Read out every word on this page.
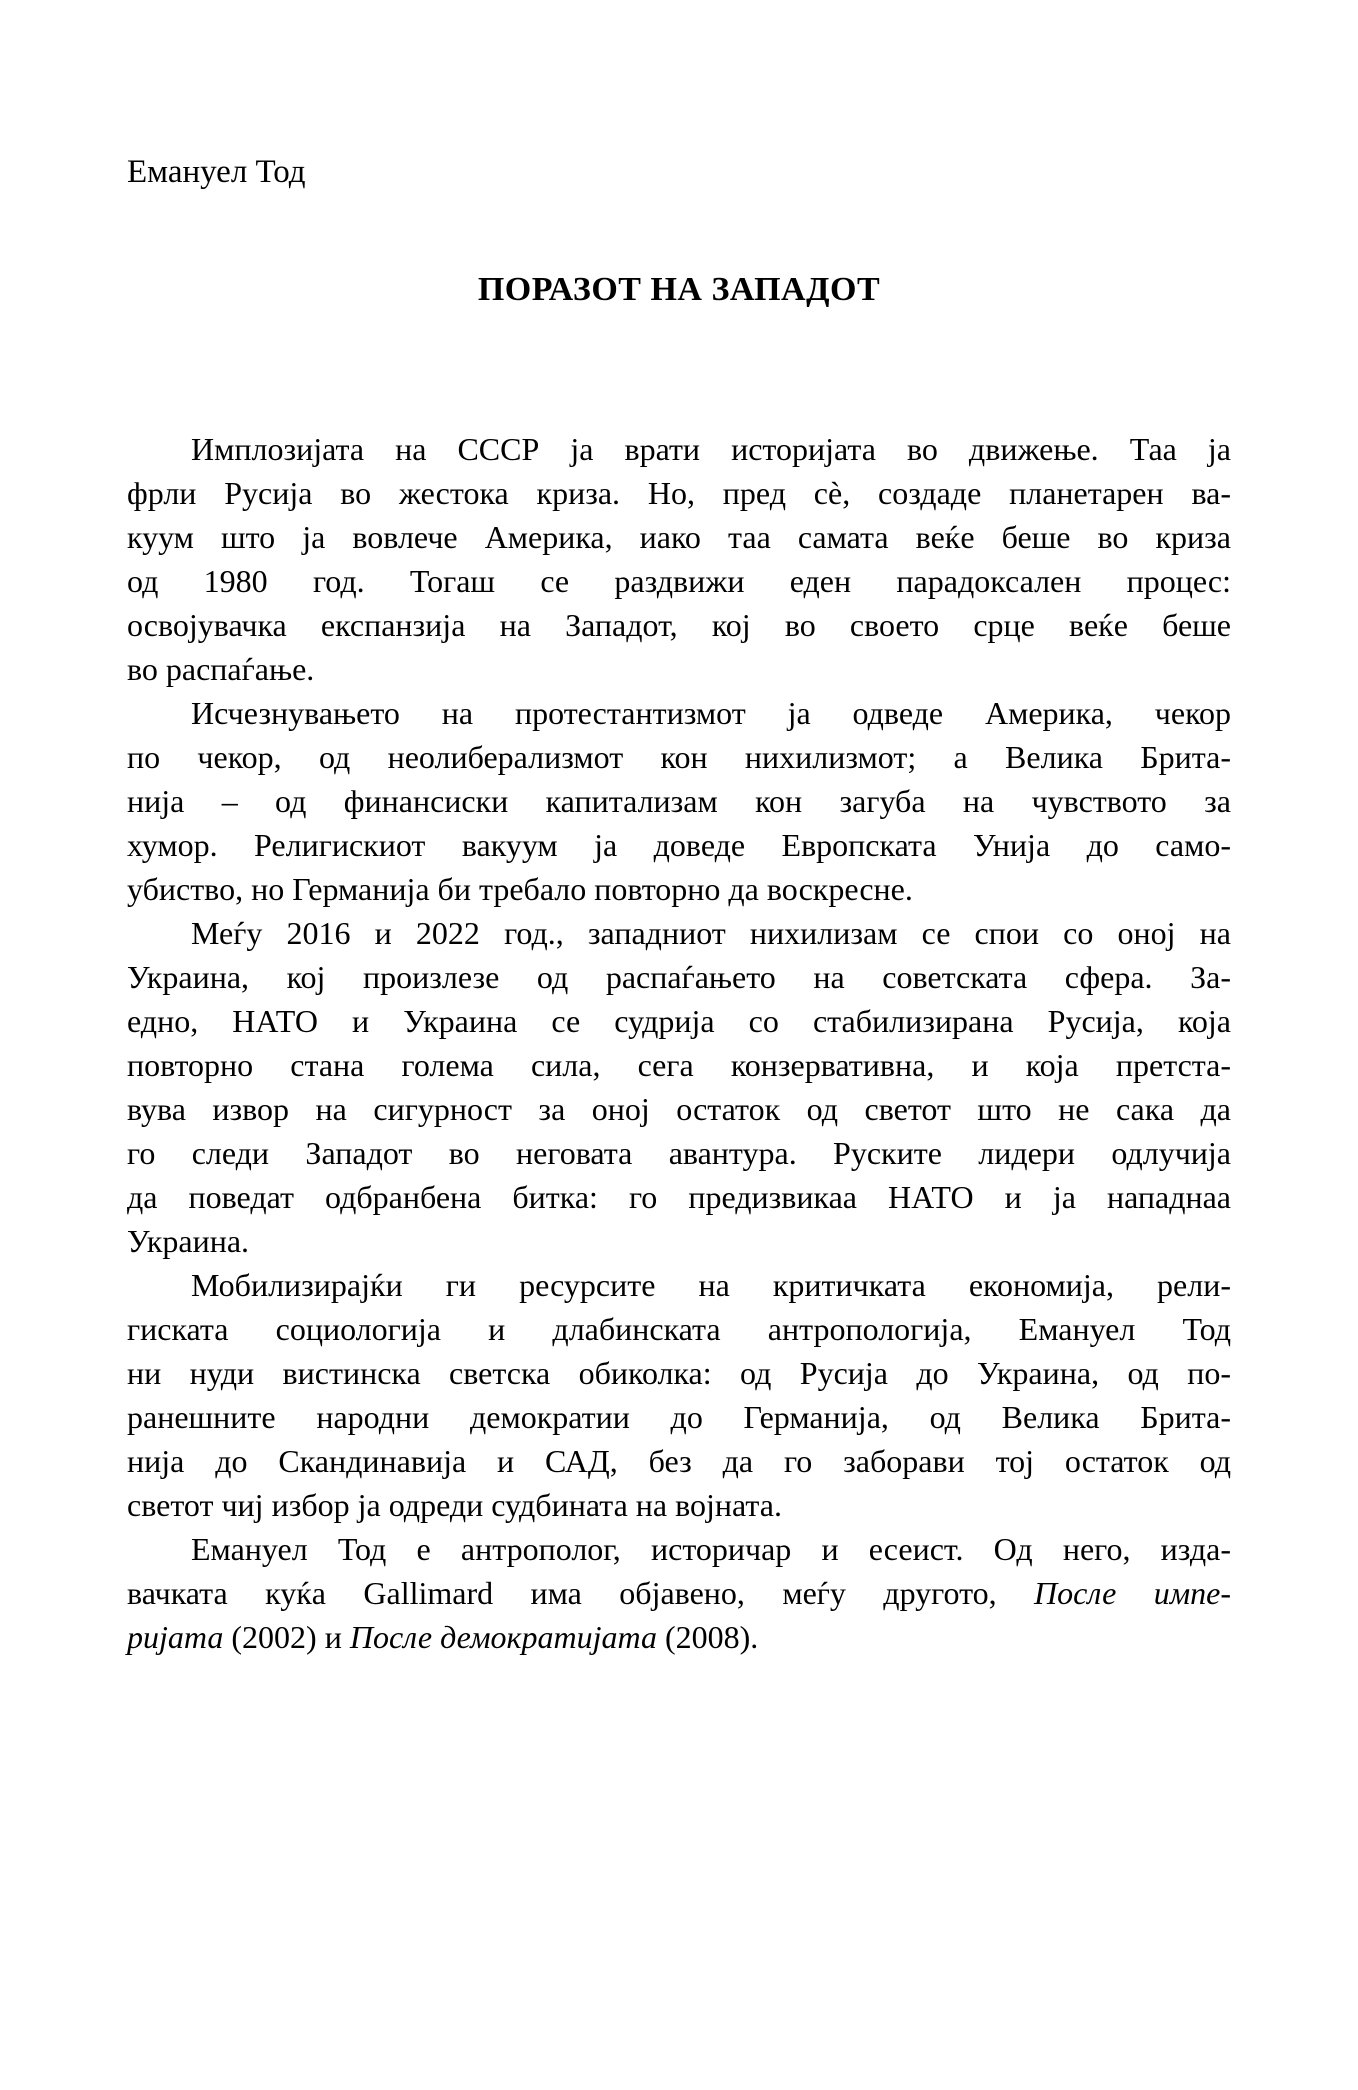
Емануел Тод
ПОРАЗОТ НА ЗАПАДОТ
Имплозијата на СССР ја врати историјата во движење. Таа ја
фрли Русија во жестока криза. Но, пред сè, создаде планетарен ва-
куум што ја вовлече Америка, иако таа самата веќе беше во криза
од 1980 год. Тогаш се раздвижи еден парадоксален процес:
освојувачка експанзија на Западот, кој во своето срце веќе беше
во распаѓање.
Исчезнувањето на протестантизмот ја одведе Америка, чекор
по чекор, од неолиберализмот кон нихилизмот; а Велика Брита-
нија – од финансиски капитализам кон загуба на чувството за
хумор. Религискиот вакуум ја доведе Европската Унија до само-
убиство, но Германија би требало повторно да воскресне.
Меѓу 2016 и 2022 год., западниот нихилизам се спои со оној на
Украина, кој произлезе од распаѓањето на советската сфера. За-
едно, НАТО и Украина се судрија со стабилизирана Русија, која
повторно стана голема сила, сега конзервативна, и која претста-
вува извор на сигурност за оној остаток од светот што не сака да
го следи Западот во неговата авантура. Руските лидери одлучија
да поведат одбранбена битка: го предизвикаа НАТО и ја нападнаа
Украина.
Мобилизирајќи ги ресурсите на критичката економија, рели-
гиската социологија и длабинската антропологија, Емануел Тод
ни нуди вистинска светска обиколка: од Русија до Украина, од по-
ранешните народни демократии до Германија, од Велика Брита-
нија до Скандинавија и САД, без да го заборави тој остаток од
светот чиј избор ја одреди судбината на војната.
Емануел Тод е антрополог, историчар и есеист. Од него, изда-
вачката куќа Gallimard има објавено, меѓу другото, После импе-
ријата (2002) и После демократијата (2008).
